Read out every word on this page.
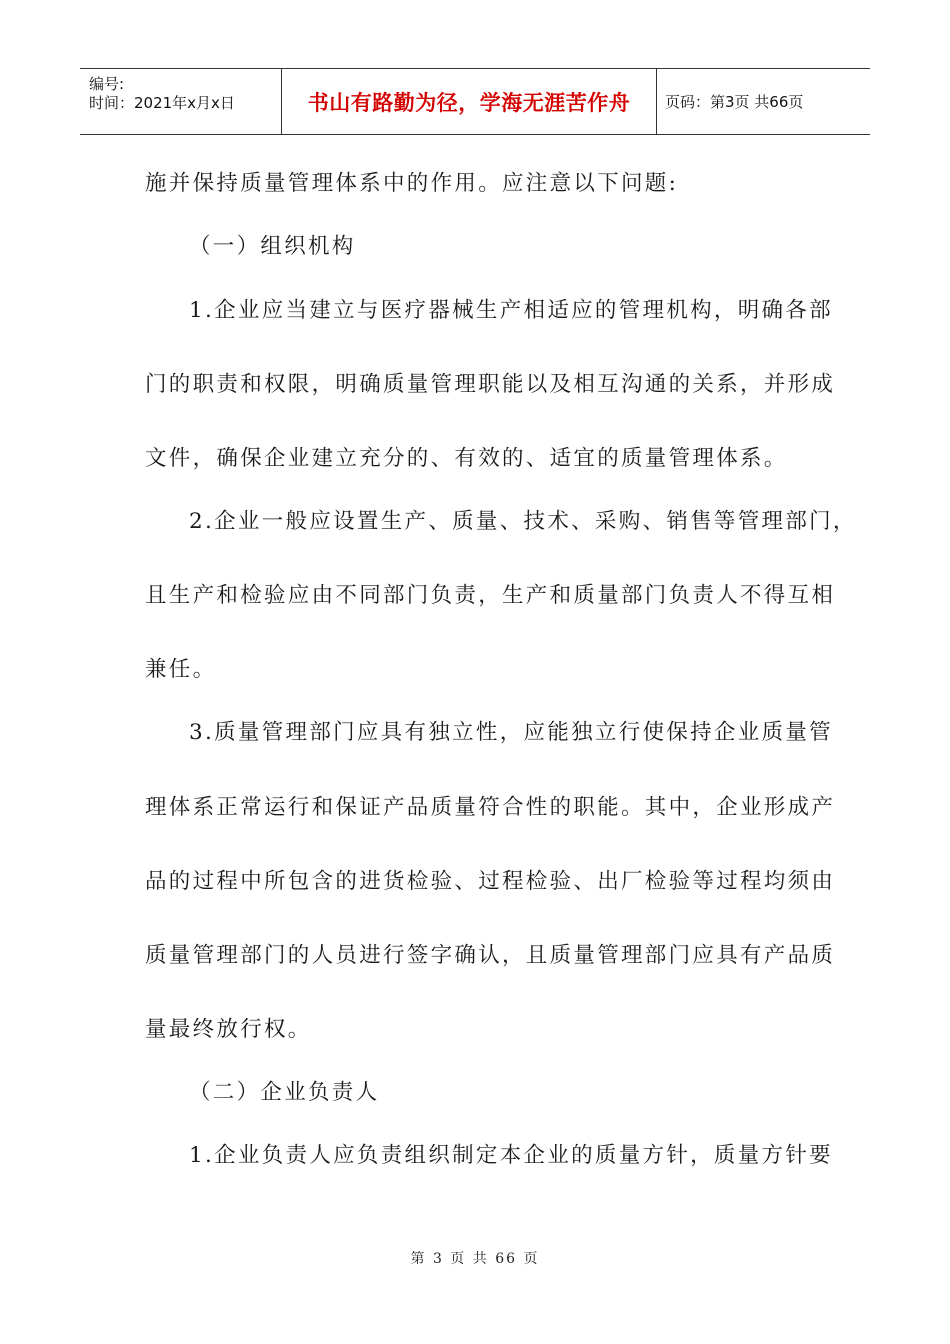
编号:
时间：2021年x月x日	书山有路勤为径，学海无涯苦作舟 页码：第3页 共66页
施并保持质量管理体系中的作用。应注意以下问题:
（一）组织机构
1.企业应当建立与医疗器械生产相适应的管理机构，明确各部
门的职责和权限，明确质量管理职能以及相互沟通的关系，并形成
文件，确保企业建立充分的、有效的、适宜的质量管理体系。
2.企业一般应设置生产、质量、技术、采购、销售等管理部门，
且生产和检验应由不同部门负责，生产和质量部门负责人不得互相
兼任。
3.质量管理部门应具有独立性，应能独立行使保持企业质量管
理体系正常运行和保证产品质量符合性的职能。其中，企业形成产
品的过程中所包含的进货检验、过程检验、出厂检验等过程均须由
质量管理部门的人员进行签字确认，且质量管理部门应具有产品质
量最终放行权。
（二）企业负责人
1.企业负责人应负责组织制定本企业的质量方针，质量方针要
第 3 页 共 66 页
